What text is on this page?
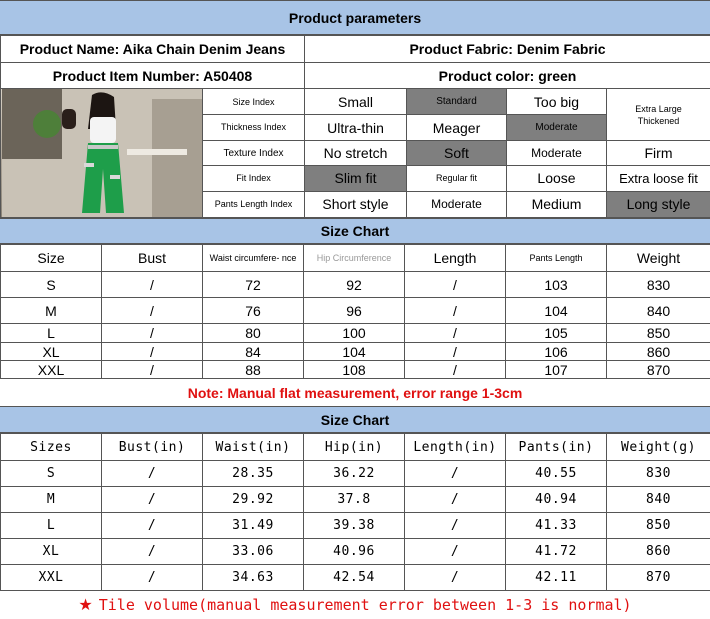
Product parameters
Product Name: Aika Chain Denim Jeans	Product Fabric: Denim Fabric
Product Item Number: A50408	Product color: green
	Size Index	Small	Standard	Too big	Extra Large
Thickened
	Thickness Index	Ultra-thin	Meager	Moderate	
	Texture Index	No stretch	Soft	Moderate	Firm
	Fit Index	Slim fit	Regular fit	Loose	Extra loose fit
	Pants Length Index	Short style	Moderate	Medium	Long style
Size Chart
Size	Bust	Waist circumfere- nce	Hip Circumference	Length	Pants Length	Weight
S	/	72	92	/	103	830
M	/	76	96	/	104	840
L	/	80	100	/	105	850
XL	/	84	104	/	106	860
XXL	/	88	108	/	107	870
Note: Manual flat measurement, error range 1-3cm
Size Chart
Sizes	Bust(in)	Waist(in)	Hip(in)	Length(in)	Pants(in)	Weight(g)
S	/	28.35	36.22	/	40.55	830
M	/	29.92	37.8	/	40.94	840
L	/	31.49	39.38	/	41.33	850
XL	/	33.06	40.96	/	41.72	860
XXL	/	34.63	42.54	/	42.11	870
★ Tile volume(manual measurement error between 1-3 is normal)
